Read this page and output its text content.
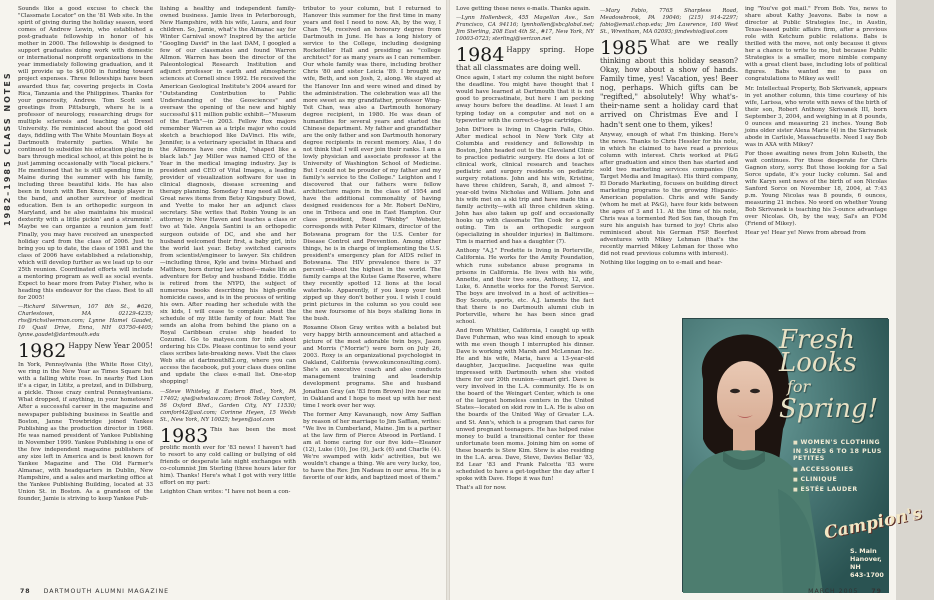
1982–1985 CLASS NOTES

Sounds like a good excuse to check the "Classmate Locator" on the '81 Web site. In the spirit of giving during the holiday season, word comes of Andrew Lewin, who established a post-graduate fellowship in honor of his mother in 2000. The fellowship is designed to support graduates doing work with domestic or international nonprofit organizations in the year immediately following graduation, and it will provide up to $6,000 in funding toward project expenses. Three fellowships have been awarded thus far, covering projects in Costa Rica, Tanzania and the Philippines. Thanks for your generosity, Andrew. Tom Scott sent greetings from Pittsburgh, where he is a professor of neurology, researching drugs for multiple sclerosis and teaching at Drexel University. He reminisced about the good old days, fiddling with The White Mountain Boys at Dartmouth fraternity parties. While he continued to subsidize his education playing in bars through medical school, at this point he is just jamming occasionally with "local pickers." He mentioned that he is still spending time in Maine during the summer with his family, including three beautiful kids. He has also been in touch with Ben Knox, banjo player in the band, and another survivor of medical education. Ben is an orthopedic surgeon in Maryland, and he also maintains his musical dexterity with a little pickin' and a strummin'. Maybe we can organize a reunion jam fest! Finally, you may have received an unexpected holiday card from the class of 2006. Just to bring you up to date, the class of 1981 and the class of 2006 have established a relationship, which will develop further as we lead up to our 25th reunion. Coordinated efforts will include a mentoring program as well as social events. Expect to hear more from Patsy Fisher, who is heading this endeavor for the class. Best to all for 2005!

—Richard Silverman, 107 8th St., #626, Charlestown, MA 02129-4235; rhs@richsilverman.com; Lynne Hamel Gaudet, 10 Quail Drive, Enna, NH 03750-4405; lynne.gaudet@dartmouth.edu

1982 Happy New Year 2005!

In York, Pennsylvania (the White Rose City), we ring in the New Year as Times Square but with a falling white rose. In nearby Red Lion it's a cigar, in Lititz, a pretzel, and in Dillsburg, a pickle. Those crazy central Pennsylvanians. What dropped, if anything, in your hometown? After a successful career in the magazine and newspaper publishing business in Seattle and Boston, Janne Trowbridge joined Yankee Publishing as the production director in 1968. He was named president of Yankee Publishing in November 1999. Yankee Publishing is one of the few independent magazine publishers of any size left in America and is best known for Yankee Magazine and The Old Farmer's Almanac, with headquarters in Dublin, New Hampshire, and a sales and marketing office at the Yankee Publishing Building, located at 33 Union St. in Boston. As a grandson of the founder, Jamie is striving to keep Yankee Pub-

lishing a healthy and independent family-owned business. Jamie lives in Peterborough, New Hampshire, with his wife, Laura, and four children. So, Jamie, what's the Almanac say for Winter Carnival snow? Inspired by the article "Googling David" in the last DAM, I googled a few of our classmates and found Warren Allmon. Warren has been the director of the Paleontological Research Institution and adjunct professor in earth and atmospheric sciences at Cornell since 1992. He received the American Geological Institute's 2004 award for "Outstanding Contribution to Public Understanding of the Geosciences" and oversaw the opening of the new and highly successful $11 million public exhibit—"Museum of the Earth"—in 2003. Fellow Rox majors remember Warren as a triple major who could sketch a brachiopod like DaVinci. His wife, Jennifer, is a veterinary specialist in Ithaca and the Allmons have one child, "shaped like a black lab." Jay Miller was named CEO of the Year in the medical imaging industry. Jay is president and CEO of Vital Images, a leading provider of visualization software for use in clinical diagnosis, disease screening and therapy planning. Someday I may need all that. Great news items from Betsy Kingsbury Dowd, and Yvette to make her an adjunct class secretary. She writes that Robin Young is an attorney in New Haven and teaches a class or two at Yale. Angela Santini is an orthopedic surgeon outside of DC, and she and her husband welcomed their first, a baby girl, into the world last year. Betsy switched careers from scientist/engineer to lawyer. Six children—including three, Kyle and twins Michael and Matthew, born during law school—make life an adventure for Betsy and husband Eddie. Eddie is retired from the NYPD, the subject of numerous books describing his high-profile homicide cases, and is in the process of writing his own. After reading her schedule with the six kids, I will cease to complain about the schedule of my little family of four. Matt Yee sends an aloha from behind the piano on a Royal Caribbean cruise ship headed to Cozumel. Go to matyee.com for info about ordering his CDs. Please continue to send your class scribes late-breaking news. Visit the class Web site at dartmouth82.org, where you can access the facebook, put your class dues online and update the class e-mail list. One-stop shopping!

—Steve Whiteley, 8 Eastern Blvd., York, PA 17402; sjw@whwlaw.com; Brook Tolley Comfort, 56 Oxford Blvd., Garden City, NY 11530; comfort42@aol.com; Corinne Heyen, 15 Welsh St., New York, NY 10025; heyen@aol.com

1983 This has been the most prolific month ever for '83 news! I haven't had to resort to any cold calling or bullying of old friends or desperate late night exchanges with co-columnist Jim Sterling (three hours later for him). Thanks! Here's what I got with very little effort on my part:

Leighton Chan writes: "I have not been a con-

tributor to your column, but I returned to Hanover this summer for the first time in many years and feel I need to now. Ah, by the way, I Chan '54, received an honorary degree from Dartmouth in June. He has a long history of service to the College, including designing Rockefeller Hall and presiding as "college architect" for as many years as I can remember. Our whole family was there, including brother Chris '80 and sister Leicia '89. I brought my wife, Beth, and son Josh, 2, along. We stayed at the Hanover Inn and were wined and dined by the administration. The celebration was all the more sweet as my grandfather, professor Wing-Tsit Chan, was also a Dartmouth honorary degree recipient, in 1980. He was dean of humanities for several years and started the Chinese department. My father and grandfather are the only father and son Dartmouth honorary degree recipients in recent memory. Alas, I do not think that I will ever join their ranks. I am a lowly physician and associate professor at the University of Washington School of Medicine. But I could not be prouder of my father and my family's service to the College." Leighton and I discovered that our fathers were fellow architecture majors in the class of 1954 and have the additional commonality of having designed residences for a Mr. Robert DeNiro, one in Tribeca and one in East Hampton. Our class president, Reed "Webby" Webster, corresponds with Peter Kilmarx, director of the Botswana program for the U.S. Center for Disease Control and Prevention. Among other things, he is in charge of implementing the U.S. president's emergency plan for AIDS relief in Botswana. The HIV prevalence there is 37 percent—about the highest in the world. The family camps at the Kutse Game Reserve, where they recently spotted 12 lions at the local waterhole. Apparently, if you keep your tent zipped up they don't bother you. I wish I could print pictures in the column so you could see the new foursome of his boys stalking lions in the bush.

Roxanne Olson Gray writes with a belated but very happy birth announcement and attached a picture of the most adorable twin boys, Jason and Morris ("Morrie") were born on July 26, 2003. Roxy is an organizational psychologist in Oakland, California (www.okunconsulting.com). She's an executive coach and also conducts management training and leadership development programs. She and husband Jonathan Gray (an '83 from Brown) live near me in Oakland and I hope to meet up with her next time I work over her way.

The former Amy Kavanaugh, now Amy Saffian by reason of her marriage to Jim Saffian, writes: "We live in Cumberland, Maine. Jim is a partner at the law firm of Pierce Atwood in Portland. I am at home caring for our five kids—Eleanor (12), Luke (10), Joe (9), Jack (6) and Charlie (4). We're swamped with kids' activities, but we wouldn't change a thing. We are very lucky, too, to have the Rev. Jim Nadeau in our area. He is a favorite of our kids, and baptized most of them."

Love getting these news e-mails. Thanks again.

—Lynn Hollenbeck, 455 Magellan Ave., San Francisco, CA 94116; lynnhollen@sbcglobal.net; Jim Sterling, 208 East 4th St., #17, New York, NY 10003-0723; sterlingj@verizon.net

1984 Happy spring. Hope that all classmates are doing well.

Once again, I start my column the night before the deadline. You might have thought that I would have learned at Dartmouth that it is not good to procrastinate, but here I am pecking away hours before the deadline. At least I am typing today on a computer and not on a typewriter with the correct-o-type cartridge.

John DiFiore is living in Chagrin Falls, Ohio. After medical school in New York City at Columbia and residency and fellowship in Boston, John headed out to the Cleveland Clinic to practice pediatric surgery. He does a lot of clinical work, clinical research and teaches pediatric and surgery residents on pediatric surgery rotations. John and his wife, Kristine, have three children, Sarah, 8, and almost 7-year-old twins Nicholas and William. John and his wife met on a ski trip and have made this a family activity—with all three children skiing. John has also taken up golf and occasionally hooks up with classmate Tim Cook for a golf outing. Tim is an orthopedic surgeon (specializing in shoulder injuries) in Baltimore. Tim is married and has a daughter (7).

Anthony "A.J." Fredette is living in Porterville, California. He works for the Amity Foundation, which runs substance abuse programs in prisons in California. He lives with his wife, Annette, and their two sons, Anthony, 12, and Luke, 6. Annette works for the Forest Service. The boys are involved in a host of activities—Boy Scouts, sports, etc. A.J. laments the fact that there is no Dartmouth alumni club in Porterville, where he has been since grad school.

And from Whittier, California, I caught up with Dave Fuhrman, who was kind enough to speak with me even though I interrupted his dinner. Dave is working with Marsh and McLennan Inc. He and his wife, Maria, have a 13-year-old daughter, Jacqueline. Jacqueline was quite impressed with Dartmouth when she visited there for our 20th reunion—smart girl. Dave is very involved in the L.A. community. He is on the board of the Weingart Center, which is one of the largest homeless centers in the United States—located on skid row in L.A. He is also on the boards of the United Way of Greater L.A. and St. Ann's, which is a program that cares for unwed pregnant teenagers. He has helped raise money to build a transitional center for these unfortunate teen moms. Joining him on some of these boards is Stew Kim. Stew is also residing in the L.A. area. Dave, Steve, Davies Bellar '83, Ed Lear '83 and Frank Falcetta '83 were scheduled to have a get-together the day after I spoke with Dave. Hope it was fun!

That's all for now.

—Mary Fabio, 7765 Sharpless Road, Meadowbrook, PA 19046; (215) 914-2297; fabio@email.chop.edu; Jim Lawrence, 160 West St., Wrentham, MA 02093; jimdeshio@aol.com

1985 What are we really thinking about this holiday season? Okay, how about a show of hands. Family time, yes! Vacation, yes! Beer nog, perhaps. Which gifts can be "regifted," absolutely! Why what's-their-name sent a holiday card that arrived on Christmas Eve and I hadn't sent one to them, yikes!

Anyway, enough of what I'm thinking. Here's the news. Thanks to Chris Hessler for his note, in which he claimed to have read a previous column with interest. Chris worked at P&G after graduation and since then has started and sold two marketing services companies (On Target Media and Imagitas). His third company, El Dorado Marketing, focuses on building direct marketing programs to the growing Hispanic-American population. Chris and wife Sandy (whom he met at P&G), have four kids between the ages of 3 and 11. At the time of his note, Chris was a tormented Red Sox fan, though I'm sure his anguish has turned to joy! Chris also reminisced about his German FSP. Beerfest adventures with Mikey Lehman (that's the recently married Mikey Lehman for those who did not read previous columns with interest).

Nothing like logging on to e-mail and hear-

ing "You've got mail." From Bob. Yes, news to share about Kathy Jeavons. Babs is now a director at Public Strategies Inc., in Austin, Texas-based public affairs firm, after a previous role with Ketchum public relations. Babs is thrilled with the move, not only because it gives her a chance to write to me, but because Public Strategies is a smaller, more nimble company with a great client base, including lots of political figures. Babs wanted me to pass on congratulations to Mikey as well!

Mr. Intellectual Property, Bob Skrivanek, appears in yet another column, this time courtesy of his wife, Larissa, who wrote with news of the birth of their son, Robert Anthony Skrivanek III, born September 3, 2004, and weighing in at 8 pounds, 0 ounces and measuring 21 inches. Young Bob joins older sister Alexa Marie (4) in the Skrivanek abode in Carlisle, Massachusetts. Need I say Bob was in AXA with Mikey?

For those awaiting news from John Kulseth, the wait continues. For those desperate for Chris Gagnon story, sorry. But those looking for a Sal Sorce update, it's your lucky column. Sal and wife Karyn sent news of the birth of son Nicolas Sanford Sorce on November 18, 2004, at 7:43 p.m. Young Nicolas was 8 pounds, 6 ounces, measuring 21 inches. No word on whether Young Bob Skrivanek is teaching his 3-ounce advantage over Nicolas. Oh, by the way, Sal's an FOM (Friend of Mikey).

Hear ye! Hear ye! News from abroad from

Fresh
Looks
for
Spring!
■ WOMEN'S CLOTHING IN SIZES 6 TO 18 PLUS PETITES
■ ACCESSORIES
■ CLINIQUE
■ ESTÉE LAUDER
Campion's
S. Main
Hanover, NH
643-1700
78 DARTMOUTH ALUMNI MAGAZINE	MARCH 2005 79
